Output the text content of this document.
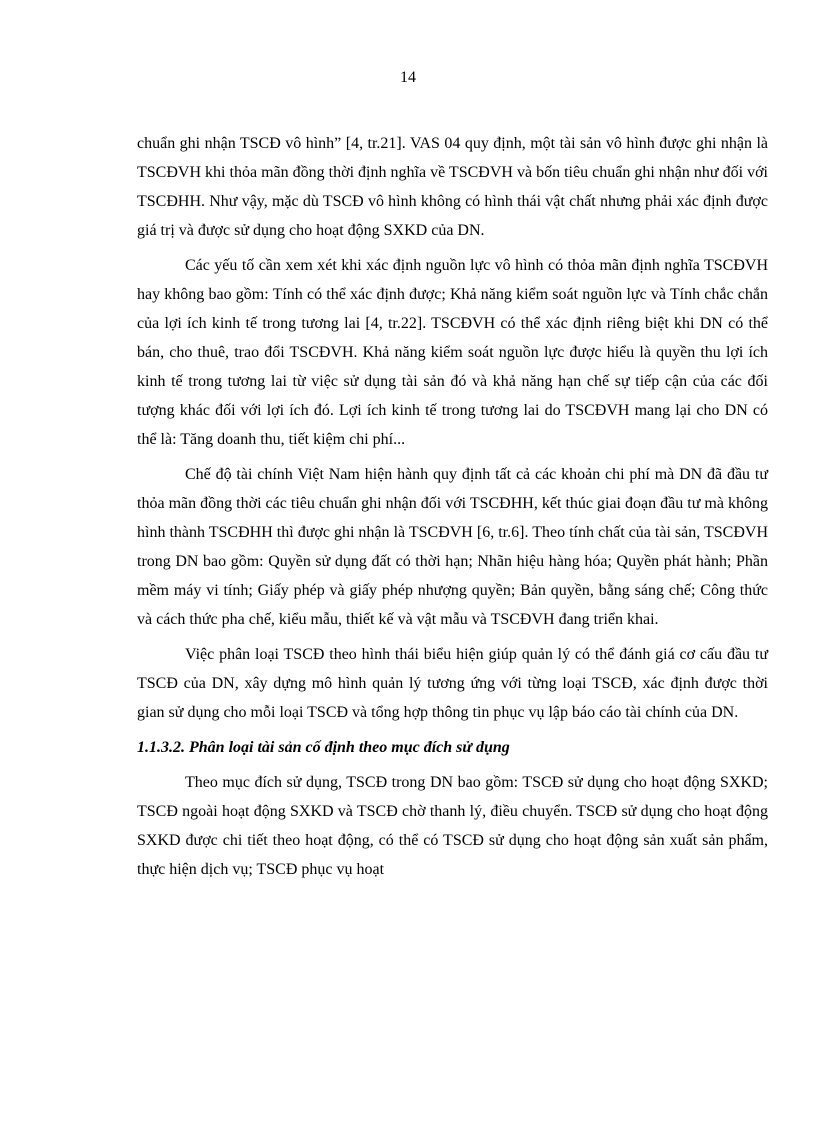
14

chuẩn ghi nhận TSCĐ vô hình” [4, tr.21]. VAS 04 quy định, một tài sản vô hình được ghi nhận là TSCĐVH khi thỏa mãn đồng thời định nghĩa về TSCĐVH và bốn tiêu chuẩn ghi nhận như đối với TSCĐHH. Như vậy, mặc dù TSCĐ vô hình không có hình thái vật chất nhưng phải xác định được giá trị và được sử dụng cho hoạt động SXKD của DN.

Các yếu tố cần xem xét khi xác định nguồn lực vô hình có thỏa mãn định nghĩa TSCĐVH hay không bao gồm: Tính có thể xác định được; Khả năng kiểm soát nguồn lực và Tính chắc chắn của lợi ích kinh tế trong tương lai [4, tr.22]. TSCĐVH có thể xác định riêng biệt khi DN có thể bán, cho thuê, trao đổi TSCĐVH. Khả năng kiểm soát nguồn lực được hiểu là quyền thu lợi ích kinh tế trong tương lai từ việc sử dụng tài sản đó và khả năng hạn chế sự tiếp cận của các đối tượng khác đối với lợi ích đó. Lợi ích kinh tế trong tương lai do TSCĐVH mang lại cho DN có thể là: Tăng doanh thu, tiết kiệm chi phí...

Chế độ tài chính Việt Nam hiện hành quy định tất cả các khoản chi phí mà DN đã đầu tư thỏa mãn đồng thời các tiêu chuẩn ghi nhận đối với TSCĐHH, kết thúc giai đoạn đầu tư mà không hình thành TSCĐHH thì được ghi nhận là TSCĐVH [6, tr.6]. Theo tính chất của tài sản, TSCĐVH trong DN bao gồm: Quyền sử dụng đất có thời hạn; Nhãn hiệu hàng hóa; Quyền phát hành; Phần mềm máy vi tính; Giấy phép và giấy phép nhượng quyền; Bản quyền, bằng sáng chế; Công thức và cách thức pha chế, kiểu mẫu, thiết kế và vật mẫu và TSCĐVH đang triển khai.

Việc phân loại TSCĐ theo hình thái biểu hiện giúp quản lý có thể đánh giá cơ cấu đầu tư TSCĐ của DN, xây dựng mô hình quản lý tương ứng với từng loại TSCĐ, xác định được thời gian sử dụng cho mỗi loại TSCĐ và tổng hợp thông tin phục vụ lập báo cáo tài chính của DN.

1.1.3.2. Phân loại tài sản cố định theo mục đích sử dụng

Theo mục đích sử dụng, TSCĐ trong DN bao gồm: TSCĐ sử dụng cho hoạt động SXKD; TSCĐ ngoài hoạt động SXKD và TSCĐ chờ thanh lý, điều chuyển. TSCĐ sử dụng cho hoạt động SXKD được chi tiết theo hoạt động, có thể có TSCĐ sử dụng cho hoạt động sản xuất sản phẩm, thực hiện dịch vụ; TSCĐ phục vụ hoạt
